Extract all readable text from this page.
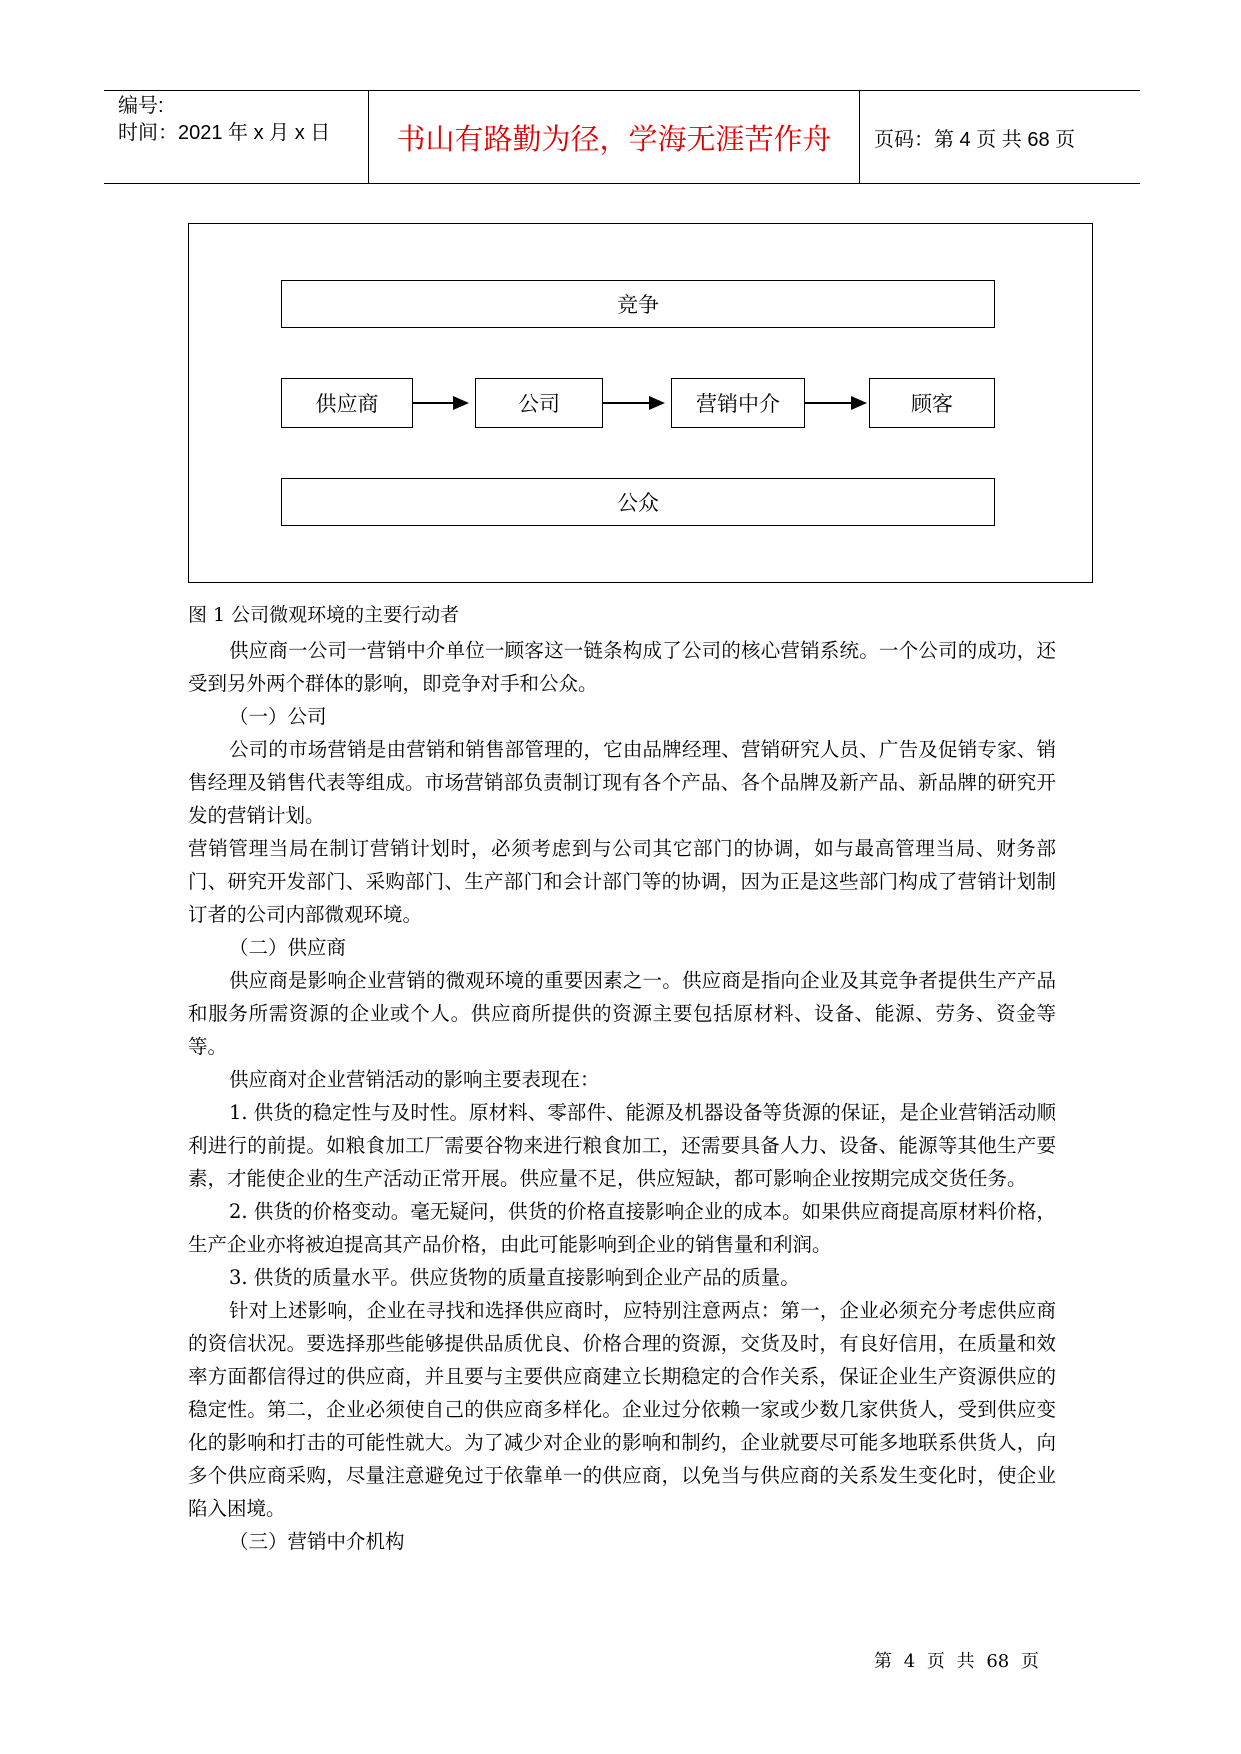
编号:
时间：2021 年 x 月 x 日	书山有路勤为径，学海无涯苦作舟	页码：第 4 页 共 68 页
竞争
供应商	公司	营销中介	顾客
公众
图 1 公司微观环境的主要行动者

供应商一公司一营销中介单位一顾客这一链条构成了公司的核心营销系统。一个公司的成功，还受到另外两个群体的影响，即竞争对手和公众。

（一）公司

公司的市场营销是由营销和销售部管理的，它由品牌经理、营销研究人员、广告及促销专家、销售经理及销售代表等组成。市场营销部负责制订现有各个产品、各个品牌及新产品、新品牌的研究开发的营销计划。

营销管理当局在制订营销计划时，必须考虑到与公司其它部门的协调，如与最高管理当局、财务部门、研究开发部门、采购部门、生产部门和会计部门等的协调，因为正是这些部门构成了营销计划制订者的公司内部微观环境。

（二）供应商

供应商是影响企业营销的微观环境的重要因素之一。供应商是指向企业及其竞争者提供生产产品和服务所需资源的企业或个人。供应商所提供的资源主要包括原材料、设备、能源、劳务、资金等等。

供应商对企业营销活动的影响主要表现在：

1. 供货的稳定性与及时性。原材料、零部件、能源及机器设备等货源的保证，是企业营销活动顺利进行的前提。如粮食加工厂需要谷物来进行粮食加工，还需要具备人力、设备、能源等其他生产要素，才能使企业的生产活动正常开展。供应量不足，供应短缺，都可影响企业按期完成交货任务。

2. 供货的价格变动。毫无疑问，供货的价格直接影响企业的成本。如果供应商提高原材料价格，生产企业亦将被迫提高其产品价格，由此可能影响到企业的销售量和利润。

3. 供货的质量水平。供应货物的质量直接影响到企业产品的质量。

针对上述影响，企业在寻找和选择供应商时，应特别注意两点：第一，企业必须充分考虑供应商的资信状况。要选择那些能够提供品质优良、价格合理的资源，交货及时，有良好信用，在质量和效率方面都信得过的供应商，并且要与主要供应商建立长期稳定的合作关系，保证企业生产资源供应的稳定性。第二，企业必须使自己的供应商多样化。企业过分依赖一家或少数几家供货人，受到供应变化的影响和打击的可能性就大。为了减少对企业的影响和制约，企业就要尽可能多地联系供货人，向多个供应商采购，尽量注意避免过于依靠单一的供应商，以免当与供应商的关系发生变化时，使企业陷入困境。

（三）营销中介机构

第 4 页 共 68 页
